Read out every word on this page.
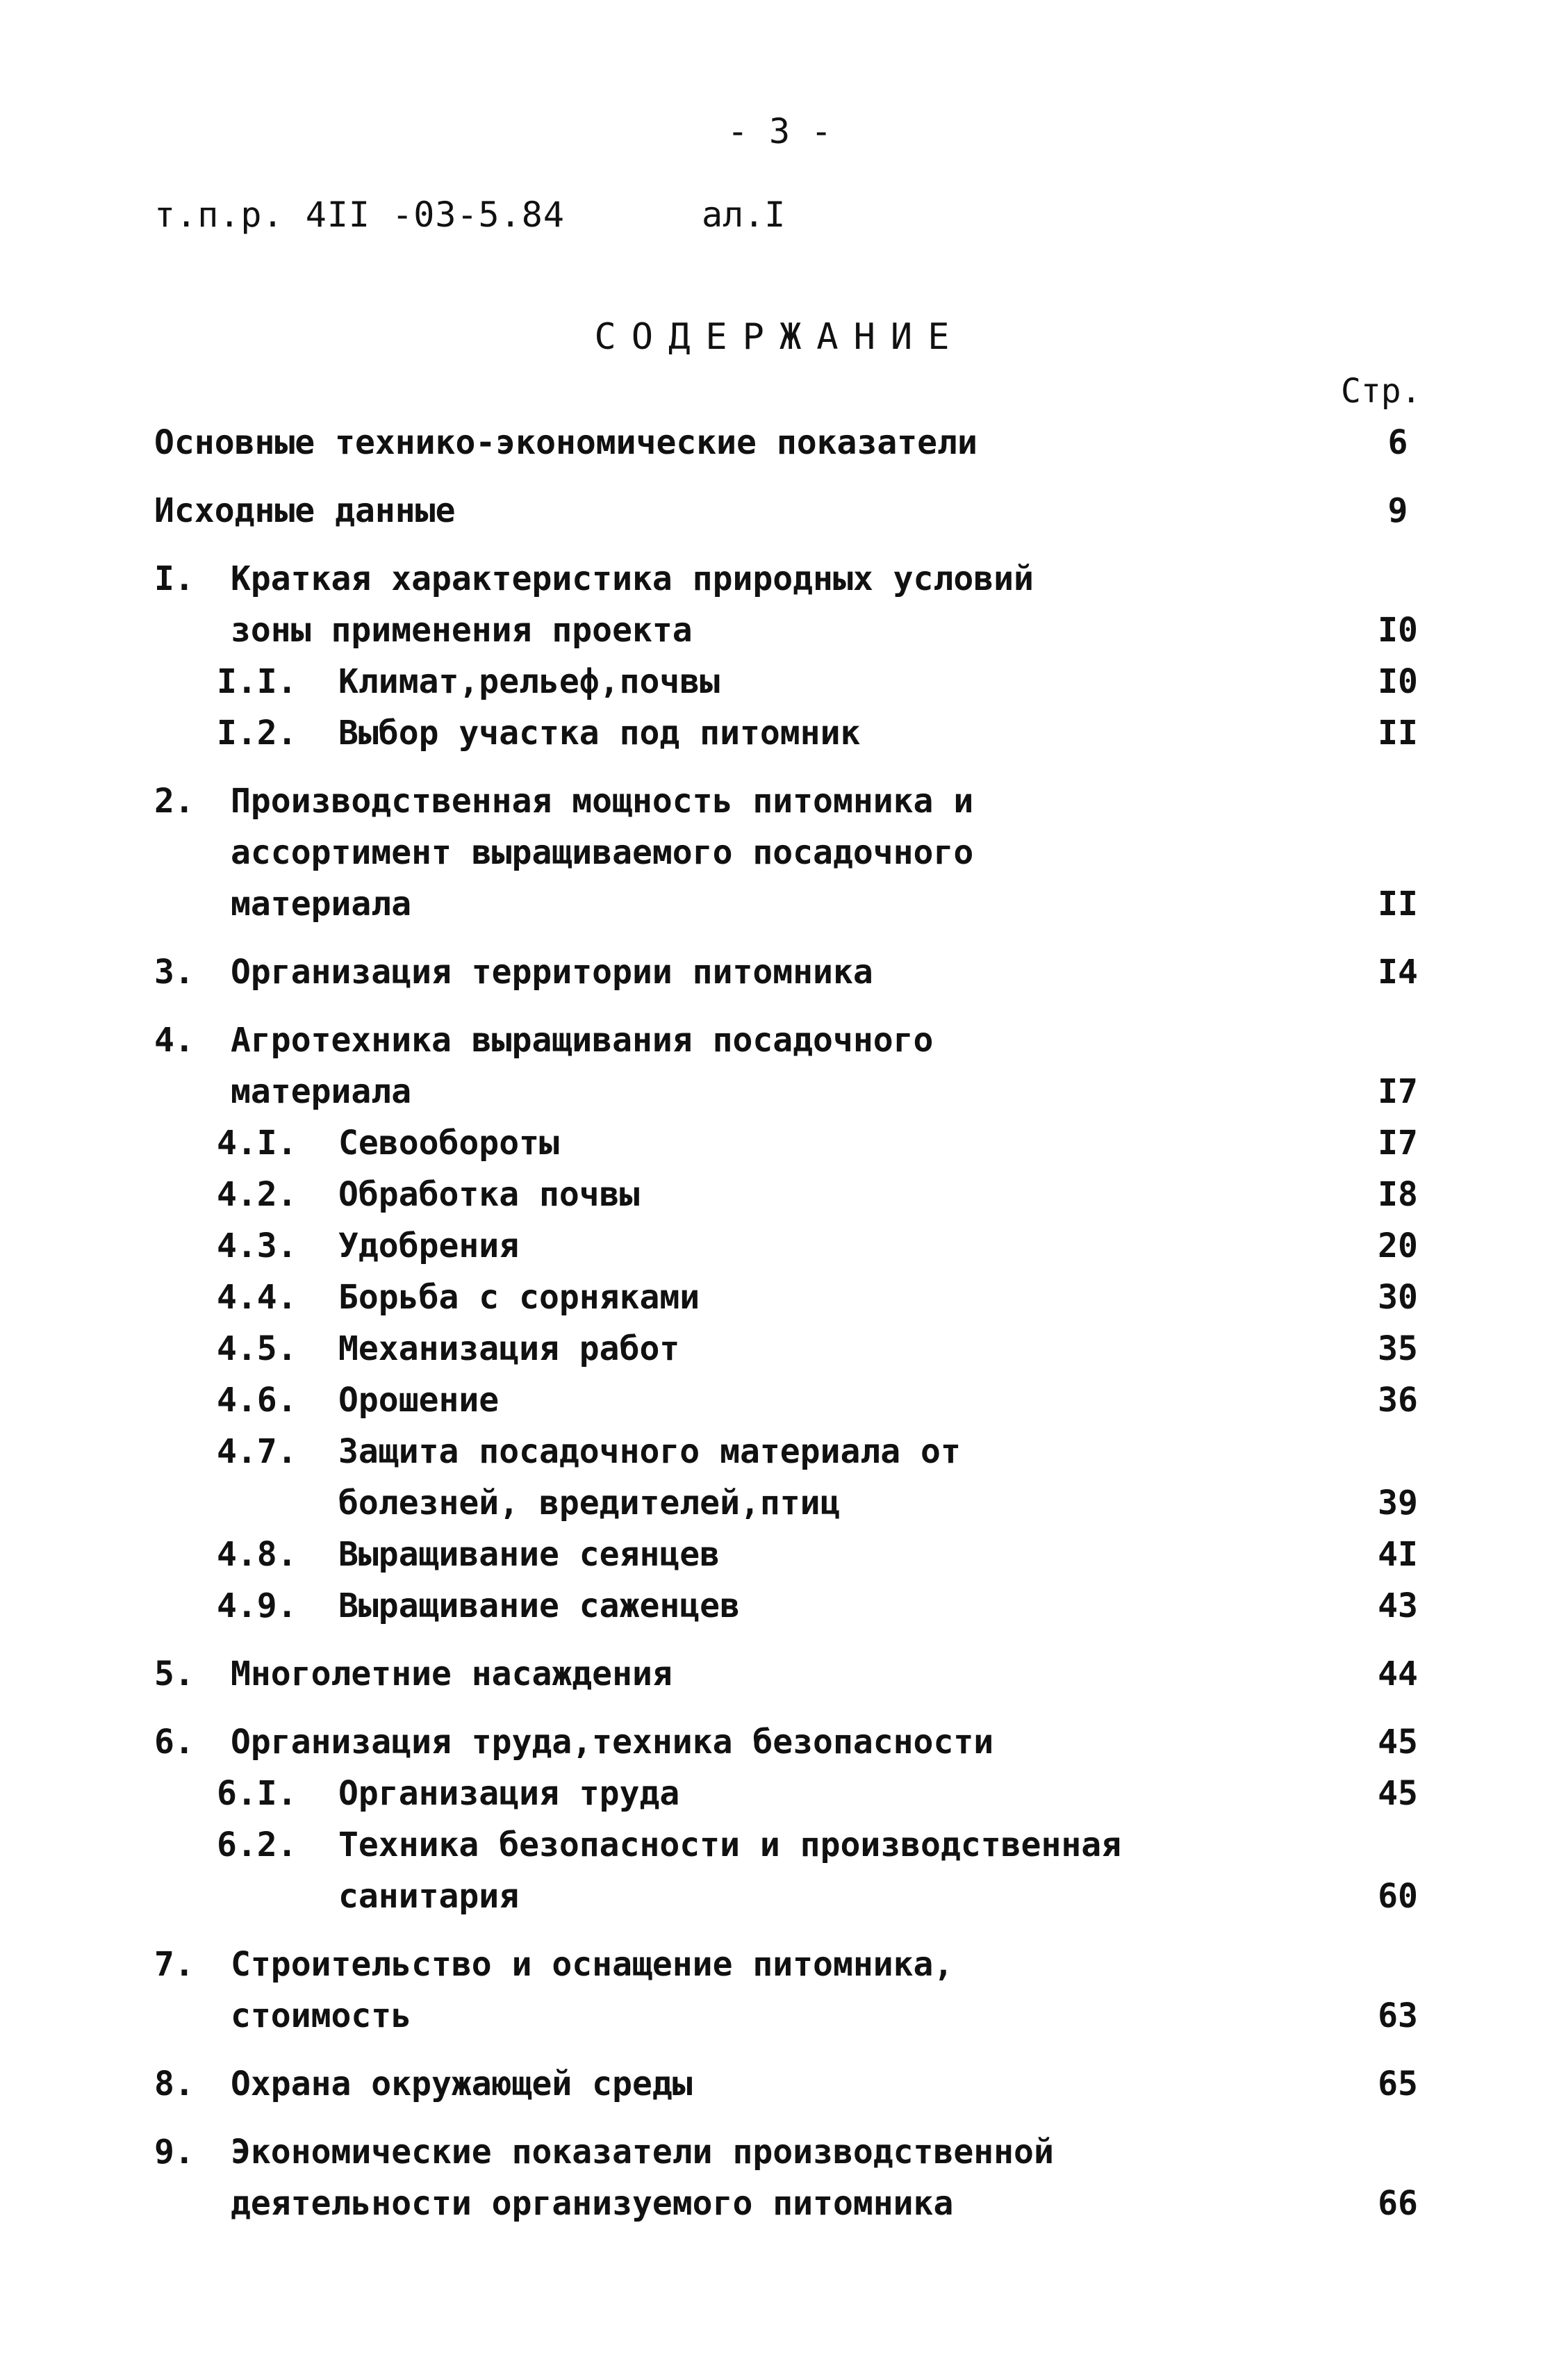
- 3 -
т.п.р. 4II -03-5.84	ал.I
СОДЕРЖАНИЕ
Стр.
Основные технико-экономические показатели	6
Исходные данные	9
I.	Краткая характеристика природных условий
зоны применения проекта	I0
I.I.	Климат,рельеф,почвы	I0
I.2.	Выбор участка под питомник	II
2.	Производственная мощность питомника и
ассортимент выращиваемого посадочного
материала	II
3.	Организация территории питомника	I4
4.	Агротехника выращивания посадочного
материала	I7
4.I.	Севообороты	I7
4.2.	Обработка почвы	I8
4.3.	Удобрения	20
4.4.	Борьба с сорняками	30
4.5.	Механизация работ	35
4.6.	Орошение	36
4.7.	Защита посадочного материала от
болезней, вредителей,птиц	39
4.8.	Выращивание сеянцев	4I
4.9.	Выращивание саженцев	43
5.	Многолетние насаждения	44
6.	Организация труда,техника безопасности	45
6.I.	Организация труда	45
6.2.	Техника безопасности и производственная
санитария	60
7.	Строительство и оснащение питомника,
стоимость	63
8.	Охрана окружающей среды	65
9.	Экономические показатели производственной
деятельности организуемого питомника	66
